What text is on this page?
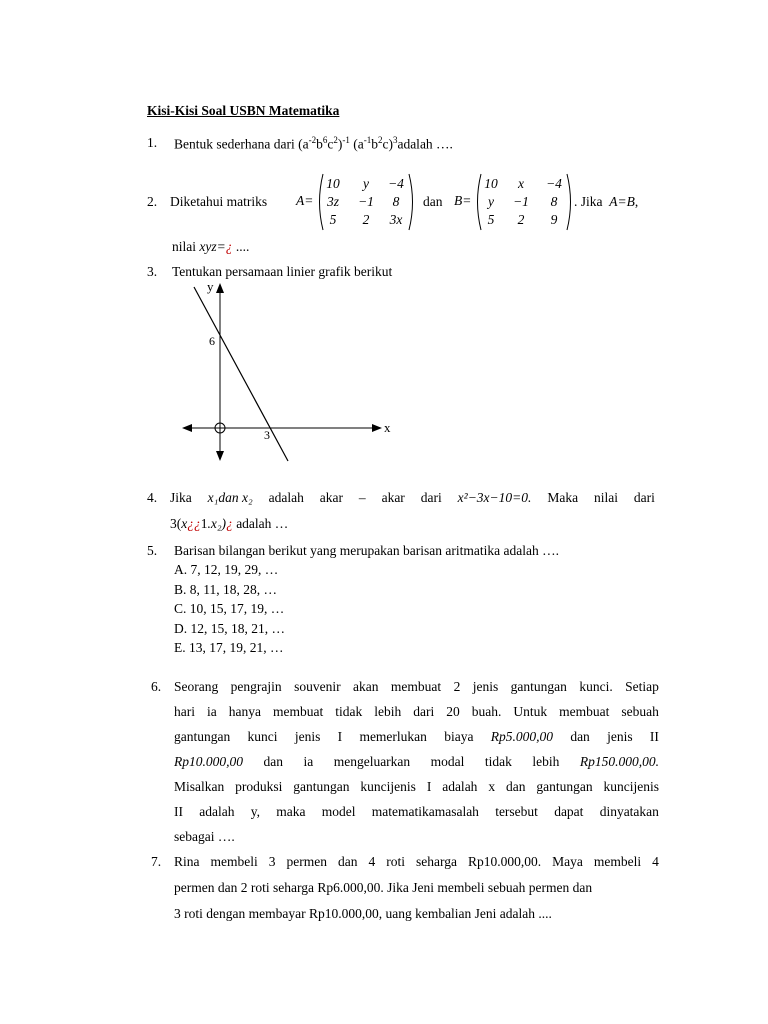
Kisi-Kisi Soal USBN Matematika
1. Bentuk sederhana dari $(a^{-2}b^6c^2)^{-1}$ $(a^{-1}b^2c)^3adalah$ ….
2. Diketahui matriks A=
10 y −4
3z −1 8
5 2 3x
dan B=
10 x −4
y −1 8
5 2 9
. Jika A=B,
nilai xyz=¿ ....
3. Tentukan persamaan linier grafik berikut
y
x
6
3
4. Jika x₁dan x₂ adalah akar – akar dari x²−3x−10=0. Maka nilai dari
3(x¿¿1.x₂)¿ adalah …
5. Barisan bilangan berikut yang merupakan barisan aritmatika adalah ….
A. 7, 12, 19, 29, …
B. 8, 11, 18, 28, …
C. 10, 15, 17, 19, …
D. 12, 15, 18, 21, …
E. 13, 17, 19, 21, …
6. Seorang pengrajin souvenir akan membuat 2 jenis gantungan kunci. Setiap
hari ia hanya membuat tidak lebih dari 20 buah. Untuk membuat sebuah
gantungan kunci jenis I memerlukan biaya Rp5.000,00 dan jenis II
Rp10.000,00 dan ia mengeluarkan modal tidak lebih Rp150.000,00.
Misalkan produksi gantungan kuncijenis I adalah x dan gantungan kuncijenis
II adalah y, maka model matematikamasalah tersebut dapat dinyatakan
sebagai ….
7. Rina membeli 3 permen dan 4 roti seharga Rp10.000,00. Maya membeli 4
permen dan 2 roti seharga Rp6.000,00. Jika Jeni membeli sebuah permen dan
3 roti dengan membayar Rp10.000,00, uang kembalian Jeni adalah ....
